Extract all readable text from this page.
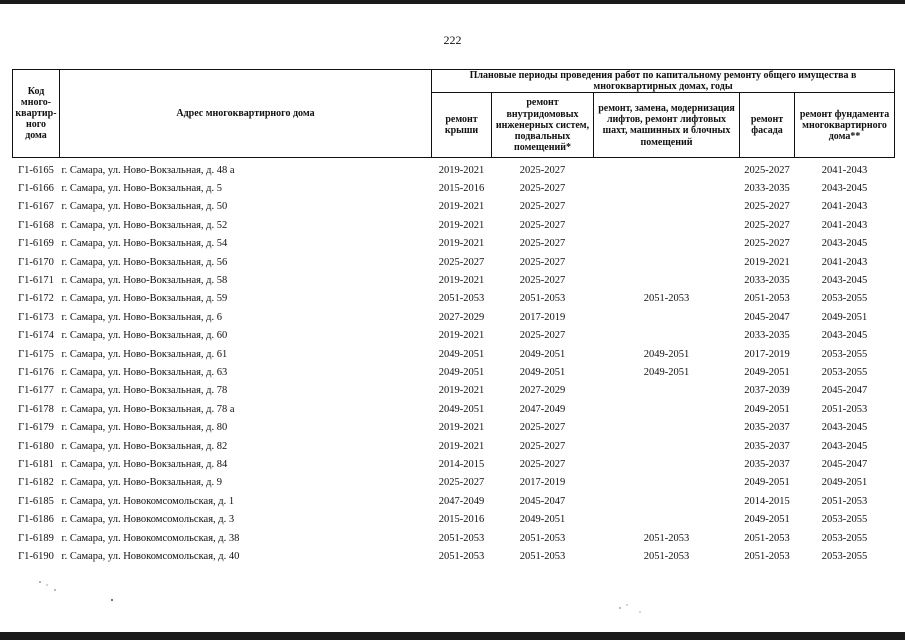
222
Код много-квартир-ного дома	Адрес многоквартирного дома	Плановые периоды проведения работ по капитальному ремонту общего имущества в многоквартирных домах, годы				
		ремонт крыши	ремонт внутридомовых инженерных систем, подвальных помещений*	ремонт, замена, модернизация лифтов, ремонт лифтовых шахт, машинных и блочных помещений	ремонт фасада	ремонт фундамента многоквартирного дома**
Г1-6165	г. Самара, ул. Ново-Вокзальная, д. 48 а	2019-2021	2025-2027		2025-2027	2041-2043
Г1-6166	г. Самара, ул. Ново-Вокзальная, д. 5	2015-2016	2025-2027		2033-2035	2043-2045
Г1-6167	г. Самара, ул. Ново-Вокзальная, д. 50	2019-2021	2025-2027		2025-2027	2041-2043
Г1-6168	г. Самара, ул. Ново-Вокзальная, д. 52	2019-2021	2025-2027		2025-2027	2041-2043
Г1-6169	г. Самара, ул. Ново-Вокзальная, д. 54	2019-2021	2025-2027		2025-2027	2043-2045
Г1-6170	г. Самара, ул. Ново-Вокзальная, д. 56	2025-2027	2025-2027		2019-2021	2041-2043
Г1-6171	г. Самара, ул. Ново-Вокзальная, д. 58	2019-2021	2025-2027		2033-2035	2043-2045
Г1-6172	г. Самара, ул. Ново-Вокзальная, д. 59	2051-2053	2051-2053	2051-2053	2051-2053	2053-2055
Г1-6173	г. Самара, ул. Ново-Вокзальная, д. 6	2027-2029	2017-2019		2045-2047	2049-2051
Г1-6174	г. Самара, ул. Ново-Вокзальная, д. 60	2019-2021	2025-2027		2033-2035	2043-2045
Г1-6175	г. Самара, ул. Ново-Вокзальная, д. 61	2049-2051	2049-2051	2049-2051	2017-2019	2053-2055
Г1-6176	г. Самара, ул. Ново-Вокзальная, д. 63	2049-2051	2049-2051	2049-2051	2049-2051	2053-2055
Г1-6177	г. Самара, ул. Ново-Вокзальная, д. 78	2019-2021	2027-2029		2037-2039	2045-2047
Г1-6178	г. Самара, ул. Ново-Вокзальная, д. 78 а	2049-2051	2047-2049		2049-2051	2051-2053
Г1-6179	г. Самара, ул. Ново-Вокзальная, д. 80	2019-2021	2025-2027		2035-2037	2043-2045
Г1-6180	г. Самара, ул. Ново-Вокзальная, д. 82	2019-2021	2025-2027		2035-2037	2043-2045
Г1-6181	г. Самара, ул. Ново-Вокзальная, д. 84	2014-2015	2025-2027		2035-2037	2045-2047
Г1-6182	г. Самара, ул. Ново-Вокзальная, д. 9	2025-2027	2017-2019		2049-2051	2049-2051
Г1-6185	г. Самара, ул. Новокомсомольская, д. 1	2047-2049	2045-2047		2014-2015	2051-2053
Г1-6186	г. Самара, ул. Новокомсомольская, д. 3	2015-2016	2049-2051		2049-2051	2053-2055
Г1-6189	г. Самара, ул. Новокомсомольская, д. 38	2051-2053	2051-2053	2051-2053	2051-2053	2053-2055
Г1-6190	г. Самара, ул. Новокомсомольская, д. 40	2051-2053	2051-2053	2051-2053	2051-2053	2053-2055
